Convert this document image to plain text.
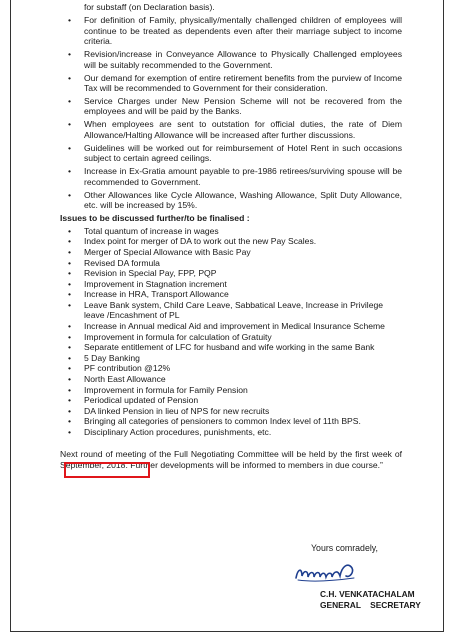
for substaff (on Declaration basis).

• For definition of Family, physically/mentally challenged children of employees will continue to be treated as dependents even after their marriage subject to income criteria.
• Revision/increase in Conveyance Allowance to Physically Challenged employees will be suitably recommended to the Government.
• Our demand for exemption of entire retirement benefits from the purview of Income Tax will be recommended to Government for their consideration.
• Service Charges under New Pension Scheme will not be recovered from the employees and will be paid by the Banks.
• When employees are sent to outstation for official duties, the rate of Diem Allowance/Halting Allowance will be increased after further discussions.
• Guidelines will be worked out for reimbursement of Hotel Rent in such occasions subject to certain agreed ceilings.
• Increase in Ex-Gratia amount payable to pre-1986 retirees/surviving spouse will be recommended to Government.
• Other Allowances like Cycle Allowance, Washing Allowance, Split Duty Allowance, etc. will be increased by 15%.
Issues to be discussed further/to be finalised :
• Total quantum of increase in wages
• Index point for merger of DA to work out the new Pay Scales.
• Merger of Special Allowance with Basic Pay
• Revised DA formula
• Revision in Special Pay, FPP, PQP
• Improvement in Stagnation increment
• Increase in HRA, Transport Allowance
• Leave Bank system, Child Care Leave, Sabbatical Leave, Increase in Privilege leave /Encashment of PL
• Increase in Annual medical Aid and improvement in Medical Insurance Scheme
• Improvement in formula for calculation of Gratuity
• Separate entitlement of LFC for husband and wife working in the same Bank
• 5 Day Banking
• PF contribution @12%
• North East Allowance
• Improvement in formula for Family Pension
• Periodical updated of Pension
• DA linked Pension in lieu of NPS for new recruits
• Bringing all categories of pensioners to common Index level of 11th BPS.
• Disciplinary Action procedures, punishments, etc.

Next round of meeting of the Full Negotiating Committee will be held by the first week of September, 2018. Further developments will be informed to members in due course.”

Yours comradely,
C.H. VENKATACHALAM
GENERAL    SECRETARY
